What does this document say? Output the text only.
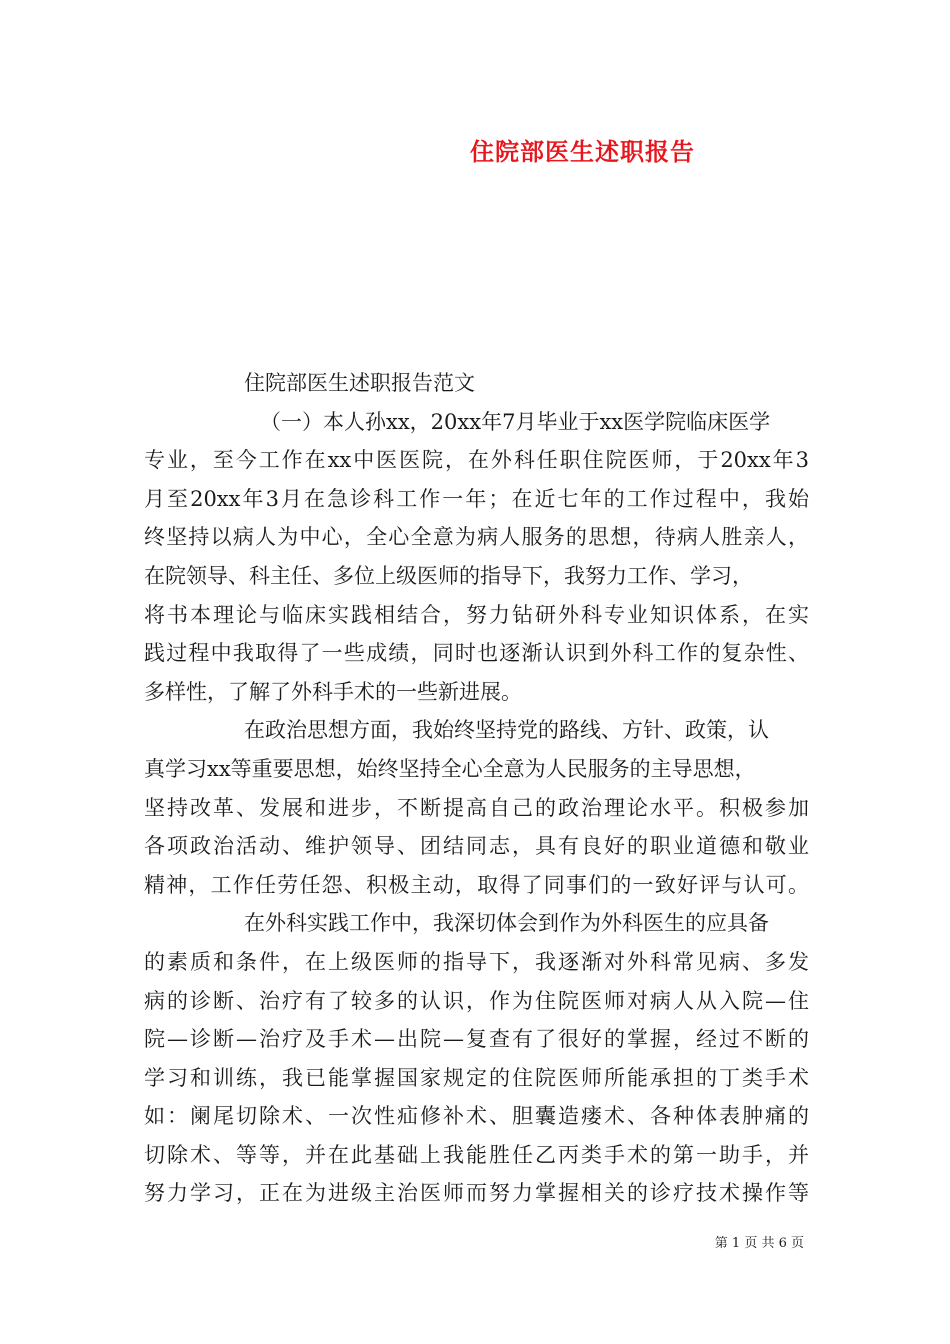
住院部医生述职报告
住院部医生述职报告范文
（一）本人孙xx，20xx年7月毕业于xx医学院临床医学
专业，至今工作在xx中医医院，在外科任职住院医师，于20xx年3
月至20xx年3月在急诊科工作一年；在近七年的工作过程中，我始
终坚持以病人为中心，全心全意为病人服务的思想，待病人胜亲人，
在院领导、科主任、多位上级医师的指导下，我努力工作、学习，
将书本理论与临床实践相结合，努力钻研外科专业知识体系，在实
践过程中我取得了一些成绩，同时也逐渐认识到外科工作的复杂性、
多样性，了解了外科手术的一些新进展。
在政治思想方面，我始终坚持党的路线、方针、政策，认
真学习xx等重要思想，始终坚持全心全意为人民服务的主导思想，
坚持改革、发展和进步，不断提高自己的政治理论水平。积极参加
各项政治活动、维护领导、团结同志，具有良好的职业道德和敬业
精神，工作任劳任怨、积极主动，取得了同事们的一致好评与认可。
在外科实践工作中，我深切体会到作为外科医生的应具备
的素质和条件，在上级医师的指导下，我逐渐对外科常见病、多发
病的诊断、治疗有了较多的认识，作为住院医师对病人从入院—住
院—诊断—治疗及手术—出院—复查有了很好的掌握，经过不断的
学习和训练，我已能掌握国家规定的住院医师所能承担的丁类手术
如：阑尾切除术、一次性疝修补术、胆囊造瘘术、各种体表肿痛的
切除术、等等，并在此基础上我能胜任乙丙类手术的第一助手，并
努力学习，正在为进级主治医师而努力掌握相关的诊疗技术操作等
第 1 页 共 6 页
